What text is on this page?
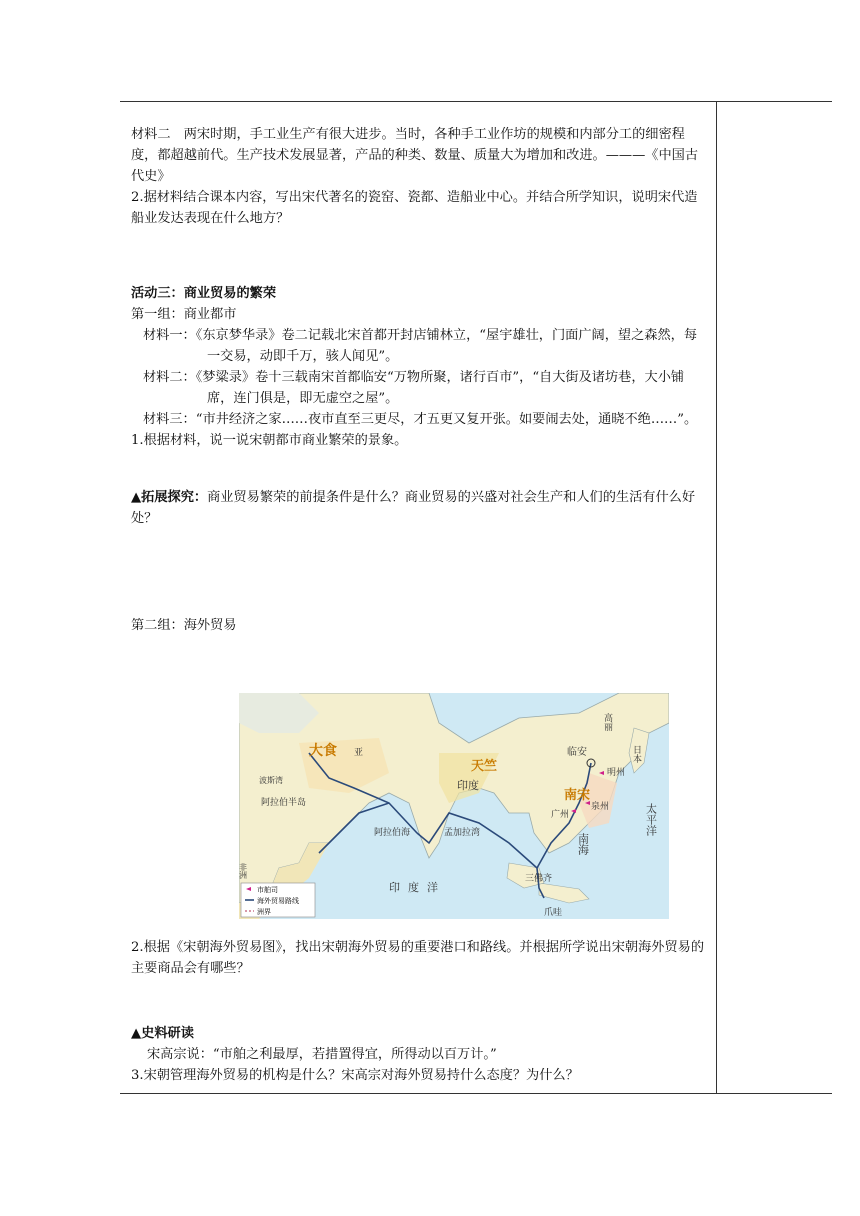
材料二　两宋时期，手工业生产有很大进步。当时，各种手工业作坊的规模和内部分工的细密程度，都超越前代。生产技术发展显著，产品的种类、数量、质量大为增加和改进。———《中国古代史》

2.据材料结合课本内容，写出宋代著名的瓷窑、瓷都、造船业中心。并结合所学知识，说明宋代造船业发达表现在什么地方？

活动三：商业贸易的繁荣

第一组：商业都市

材料一：《东京梦华录》卷二记载北宋首都开封店铺林立，“屋宇雄壮，门面广阔，望之森然，每一交易，动即千万，骇人闻见”。

材料二：《梦粱录》卷十三载南宋首都临安“万物所聚，诸行百市”，“自大街及诸坊巷，大小铺席，连门俱是，即无虚空之屋”。

材料三：“市井经济之家……夜市直至三更尽，才五更又复开张。如要闹去处，通晓不绝……”。

1.根据材料，说一说宋朝都市商业繁荣的景象。

▲拓展探究：商业贸易繁荣的前提条件是什么？商业贸易的兴盛对社会生产和人们的生活有什么好处？

第二组：海外贸易

大食 亚
天竺
印度
阿拉伯半岛
阿拉伯海	孟加拉湾
印度洋
南宋
临安
明州
泉州
广州	太平洋
南海
三佛齐
爪哇
高丽
日本
波斯湾
非洲
市舶司
海外贸易路线
洲界

2.根据《宋朝海外贸易图》，找出宋朝海外贸易的重要港口和路线。并根据所学说出宋朝海外贸易的主要商品会有哪些？

▲史料研读

宋高宗说：“市舶之利最厚，若措置得宜，所得动以百万计。”

3.宋朝管理海外贸易的机构是什么？宋高宗对海外贸易持什么态度？为什么？
